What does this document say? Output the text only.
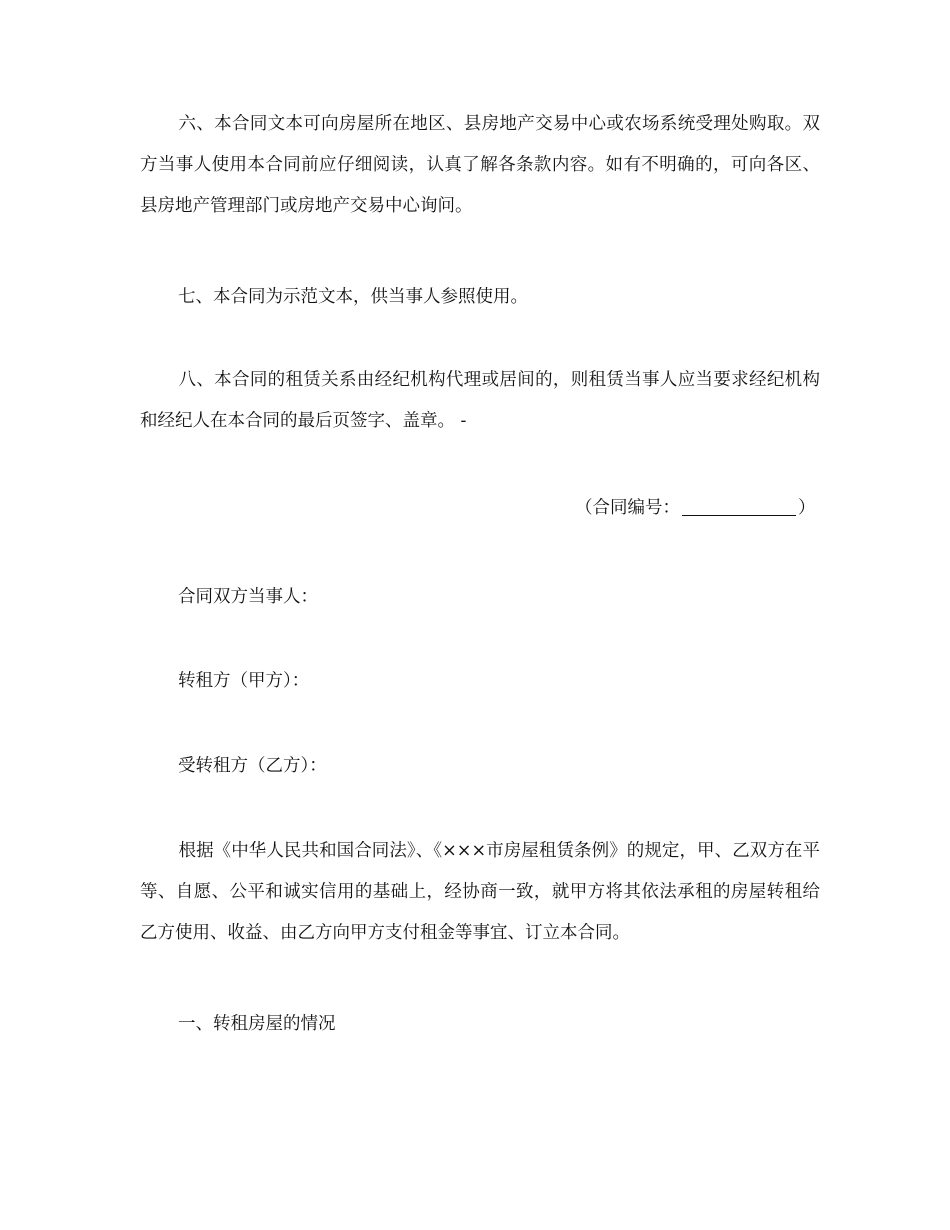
六、本合同文本可向房屋所在地区、县房地产交易中心或农场系统受理处购取。双方当事人使用本合同前应仔细阅读，认真了解各条款内容。如有不明确的，可向各区、县房地产管理部门或房地产交易中心询问。

七、本合同为示范文本，供当事人参照使用。

八、本合同的租赁关系由经纪机构代理或居间的，则租赁当事人应当要求经纪机构和经纪人在本合同的最后页签字、盖章。 -

（合同编号：	）

合同双方当事人：

转租方（甲方）：

受转租方（乙方）：

根据《中华人民共和国合同法》、《×××市房屋租赁条例》的规定，甲、乙双方在平等、自愿、公平和诚实信用的基础上，经协商一致，就甲方将其依法承租的房屋转租给乙方使用、收益、由乙方向甲方支付租金等事宜、订立本合同。

一、转租房屋的情况
